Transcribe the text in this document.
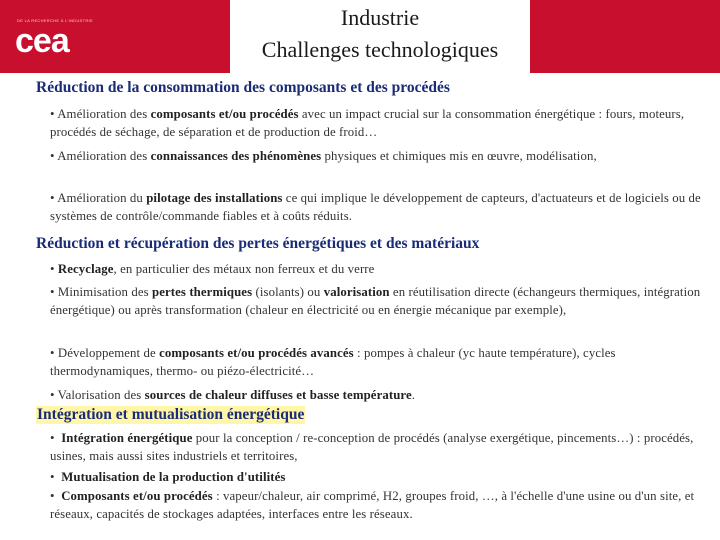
DE LA RECHERCHE À L'INDUSTRIE
cea
Industrie
Challenges technologiques
Réduction de la consommation des composants et des procédés
• Amélioration des composants et/ou procédés avec un impact crucial sur la consommation énergétique : fours, moteurs, procédés de séchage, de séparation et de production de froid…
• Amélioration des connaissances des phénomènes physiques et chimiques mis en œuvre, modélisation,
• Amélioration du pilotage des installations ce qui implique le développement de capteurs, d'actuateurs et de logiciels ou de systèmes de contrôle/commande fiables et à coûts réduits.
Réduction et récupération des pertes énergétiques et des matériaux
• Recyclage, en particulier des métaux non ferreux et du verre
• Minimisation des pertes thermiques (isolants) ou valorisation en réutilisation directe (échangeurs thermiques, intégration énergétique) ou après transformation (chaleur en électricité ou en énergie mécanique par exemple),
• Développement de composants et/ou procédés avancés : pompes à chaleur (yc haute température), cycles thermodynamiques, thermo- ou piézo-électricité…
• Valorisation des sources de chaleur diffuses et basse température.
Intégration et mutualisation énergétique
•  Intégration énergétique pour la conception / re-conception de procédés (analyse exergétique, pincements…) : procédés, usines, mais aussi sites industriels et territoires,
•  Mutualisation de la production d'utilités
•  Composants et/ou procédés : vapeur/chaleur, air comprimé, H2, groupes froid, …, à l'échelle d'une usine ou d'un site, et réseaux, capacités de stockages adaptées, interfaces entre les réseaux.
